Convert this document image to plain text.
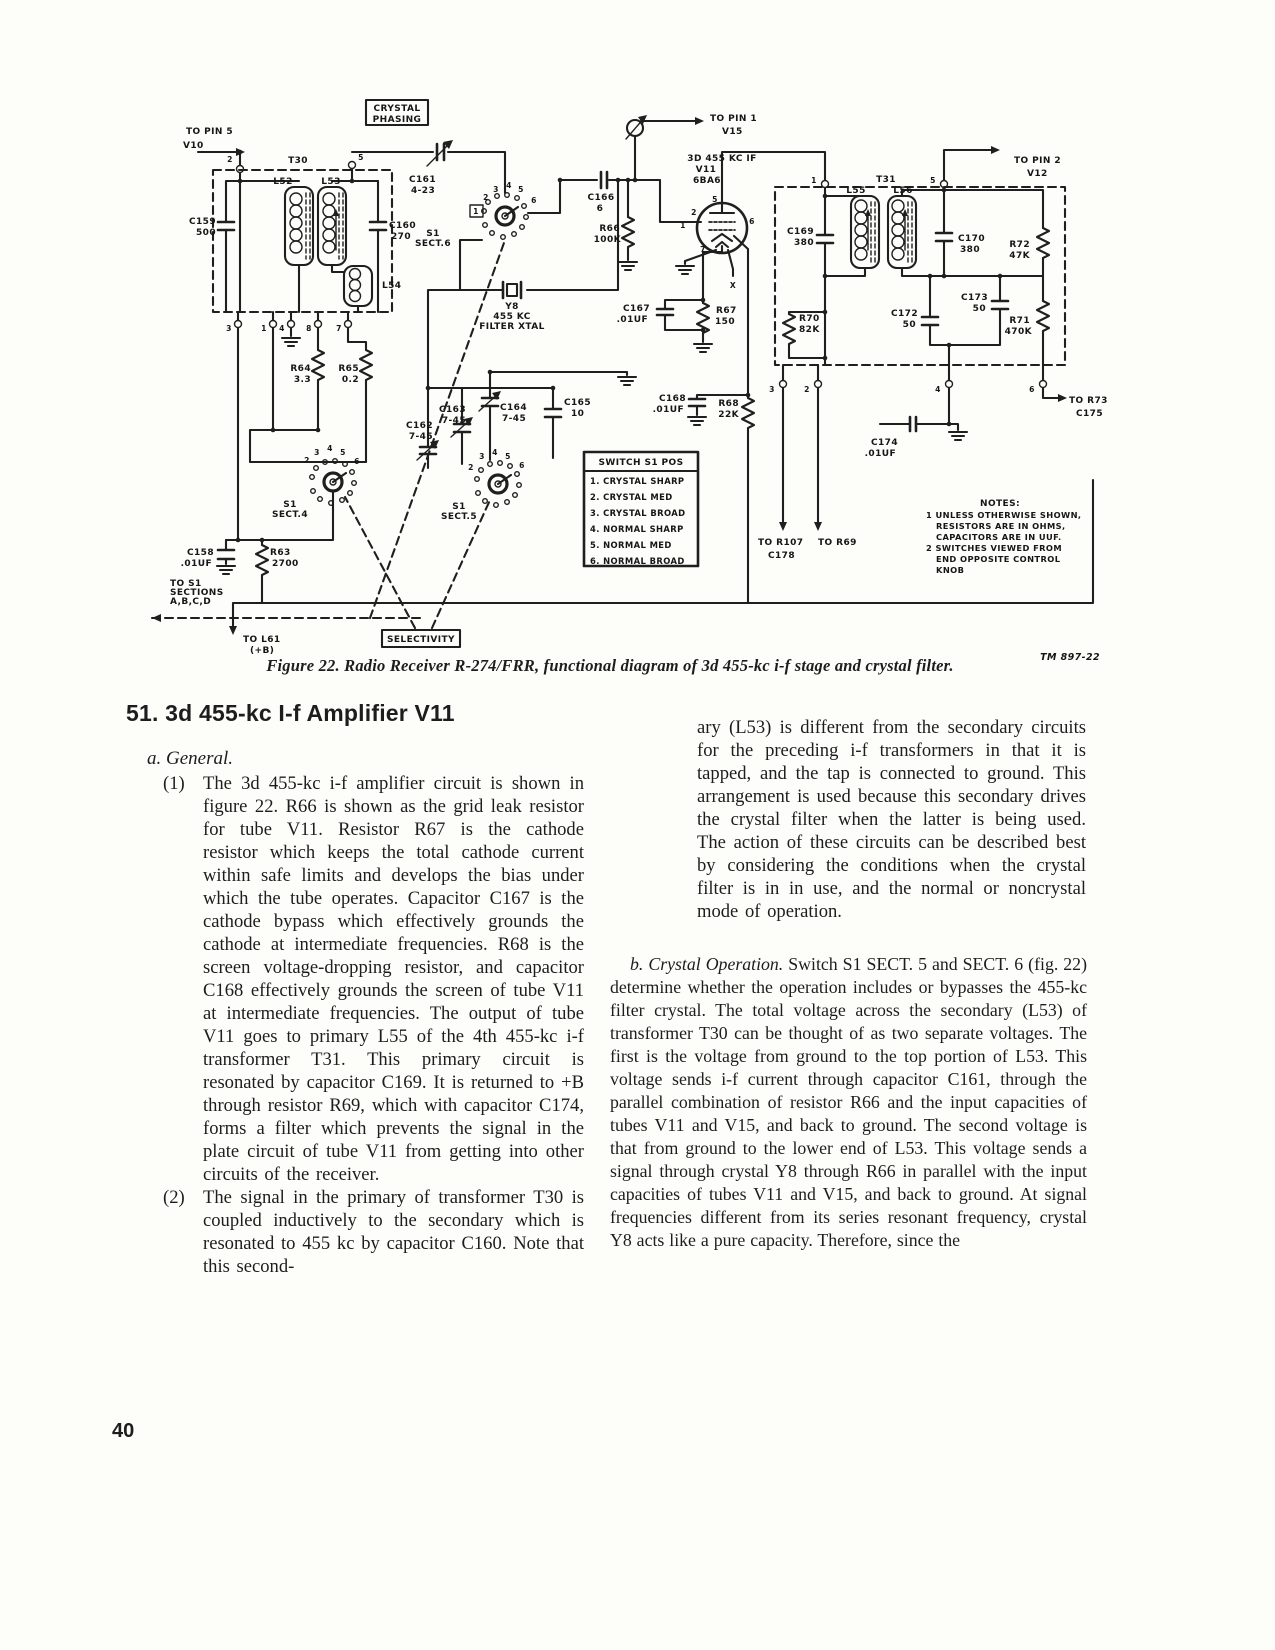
SWITCH S1 POS
1. CRYSTAL SHARP
2. CRYSTAL MED
3. CRYSTAL BROAD
4. NORMAL SHARP
5. NORMAL MED
6. NORMAL BROAD
NOTES:
1 UNLESS OTHERWISE SHOWN,
RESISTORS ARE IN OHMS,
CAPACITORS ARE IN UUF.
2 SWITCHES VIEWED FROM
END OPPOSITE CONTROL
KNOB
CRYSTAL
PHASING
SELECTIVITY
TO PIN 5
V10
T30
2	5
L52	L53
L54
C159
500
C160
270
C161
4-23
S1
SECT.6
Y8
455 KC
FILTER XTAL
C166
6
R66
100K
TO PIN 1
V15
3D 455 KC IF
V11
6BA6
C167
.01UF
R67
150
C168
.01UF
R68
22K
T31
1	5
L55	L56
C169
380	C170
380	R72
47K
R70
82K
C172
50
C173
50
R71
470K
TO PIN 2
V12
TO R73
C175
3	2	4	6
C174
.01UF
TO R107
C178
TO R69
C162
7-45
C163
7-45
C164
7-45
C165
10
S1
SECT.5
S1
SECT.4
C158
.01UF
R63
2700
R64
3.3
R65
0.2
TO S1
SECTIONS
A,B,C,D
TO L61
(+B)
3	1 4	8	7
X
5
2
1
7
6
1
2
3 4 5
6
2
3 4 5
6
2
3 4 5
6
TM 897-22
Figure 22. Radio Receiver R-274/FRR, functional diagram of 3d 455-kc i-f stage and crystal filter.
51. 3d 455-kc I-f Amplifier V11
a. General.
(1) The 3d 455-kc i-f amplifier circuit is shown in figure 22. R66 is shown as the grid leak resistor for tube V11. Resistor R67 is the cathode resistor which keeps the total cathode current within safe limits and develops the bias under which the tube operates. Capacitor C167 is the cathode bypass which effectively grounds the cathode at intermediate frequencies. R68 is the screen voltage-dropping resistor, and capacitor C168 effectively grounds the screen of tube V11 at intermediate frequencies. The output of tube V11 goes to primary L55 of the 4th 455-kc i-f transformer T31. This primary circuit is resonated by capacitor C169. It is returned to +B through resistor R69, which with capacitor C174, forms a filter which prevents the signal in the plate circuit of tube V11 from getting into other circuits of the receiver.
(2) The signal in the primary of transformer T30 is coupled inductively to the secondary which is resonated to 455 kc by capacitor C160. Note that this second-
ary (L53) is different from the secondary circuits for the preceding i-f transformers in that it is tapped, and the tap is connected to ground. This arrangement is used because this secondary drives the crystal filter when the latter is being used. The action of these circuits can be described best by considering the conditions when the crystal filter is in in use, and the normal or noncrystal mode of operation.
b. Crystal Operation. Switch S1 SECT. 5 and SECT. 6 (fig. 22) determine whether the operation includes or bypasses the 455-kc filter crystal. The total voltage across the secondary (L53) of transformer T30 can be thought of as two separate voltages. The first is the voltage from ground to the top portion of L53. This voltage sends i-f current through capacitor C161, through the parallel combination of resistor R66 and the input capacities of tubes V11 and V15, and back to ground. The second voltage is that from ground to the lower end of L53. This voltage sends a signal through crystal Y8 through R66 in parallel with the input capacities of tubes V11 and V15, and back to ground. At signal frequencies different from its series resonant frequency, crystal Y8 acts like a pure capacity. Therefore, since the
40
